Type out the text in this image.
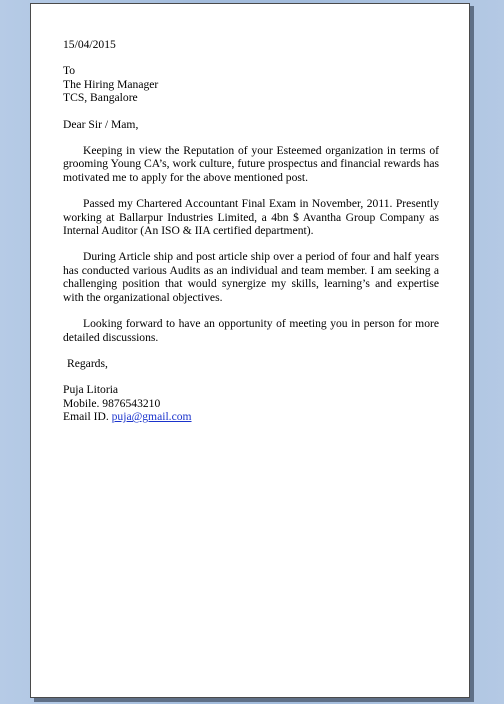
15/04/2015
To
The Hiring Manager
TCS, Bangalore
Dear Sir / Mam,

Keeping in view the Reputation of your Esteemed organization in terms of grooming Young CA’s, work culture, future prospectus and financial rewards has motivated me to apply for the above mentioned post.

Passed my Chartered Accountant Final Exam in November, 2011. Presently working at Ballarpur Industries Limited, a 4bn $ Avantha Group Company as Internal Auditor (An ISO & IIA certified department).

During Article ship and post article ship over a period of four and half years has conducted various Audits as an individual and team member. I am seeking a challenging position that would synergize my skills, learning’s and expertise with the organizational objectives.

Looking forward to have an opportunity of meeting you in person for more detailed discussions.

Regards,
Puja Litoria
Mobile. 9876543210
Email ID. puja@gmail.com
